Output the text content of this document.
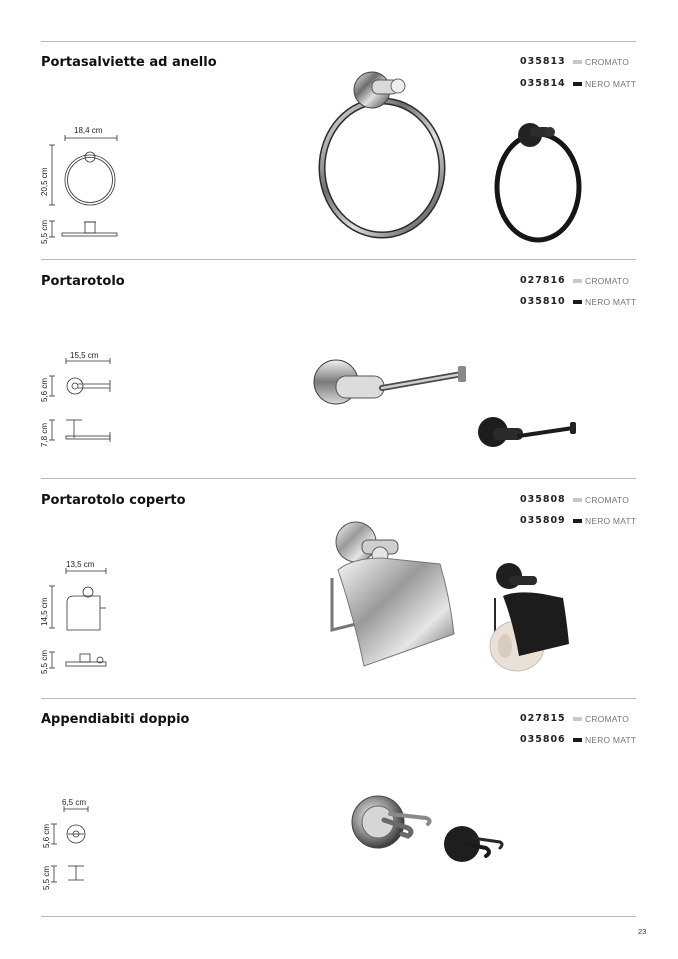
Portasalviette ad anello	035813 CROMATO
035814 NERO MATT
18,4 cm
20,5 cm
5,5 cm
Portarotolo	027816 CROMATO
035810 NERO MATT
15,5 cm
5,6 cm
7,8 cm
Portarotolo coperto	035808 CROMATO
035809 NERO MATT
13,5 cm
14,5 cm
5,5 cm
Appendiabiti doppio	027815 CROMATO
035806 NERO MATT
6,5 cm
5,6 cm
5,5 cm
23
